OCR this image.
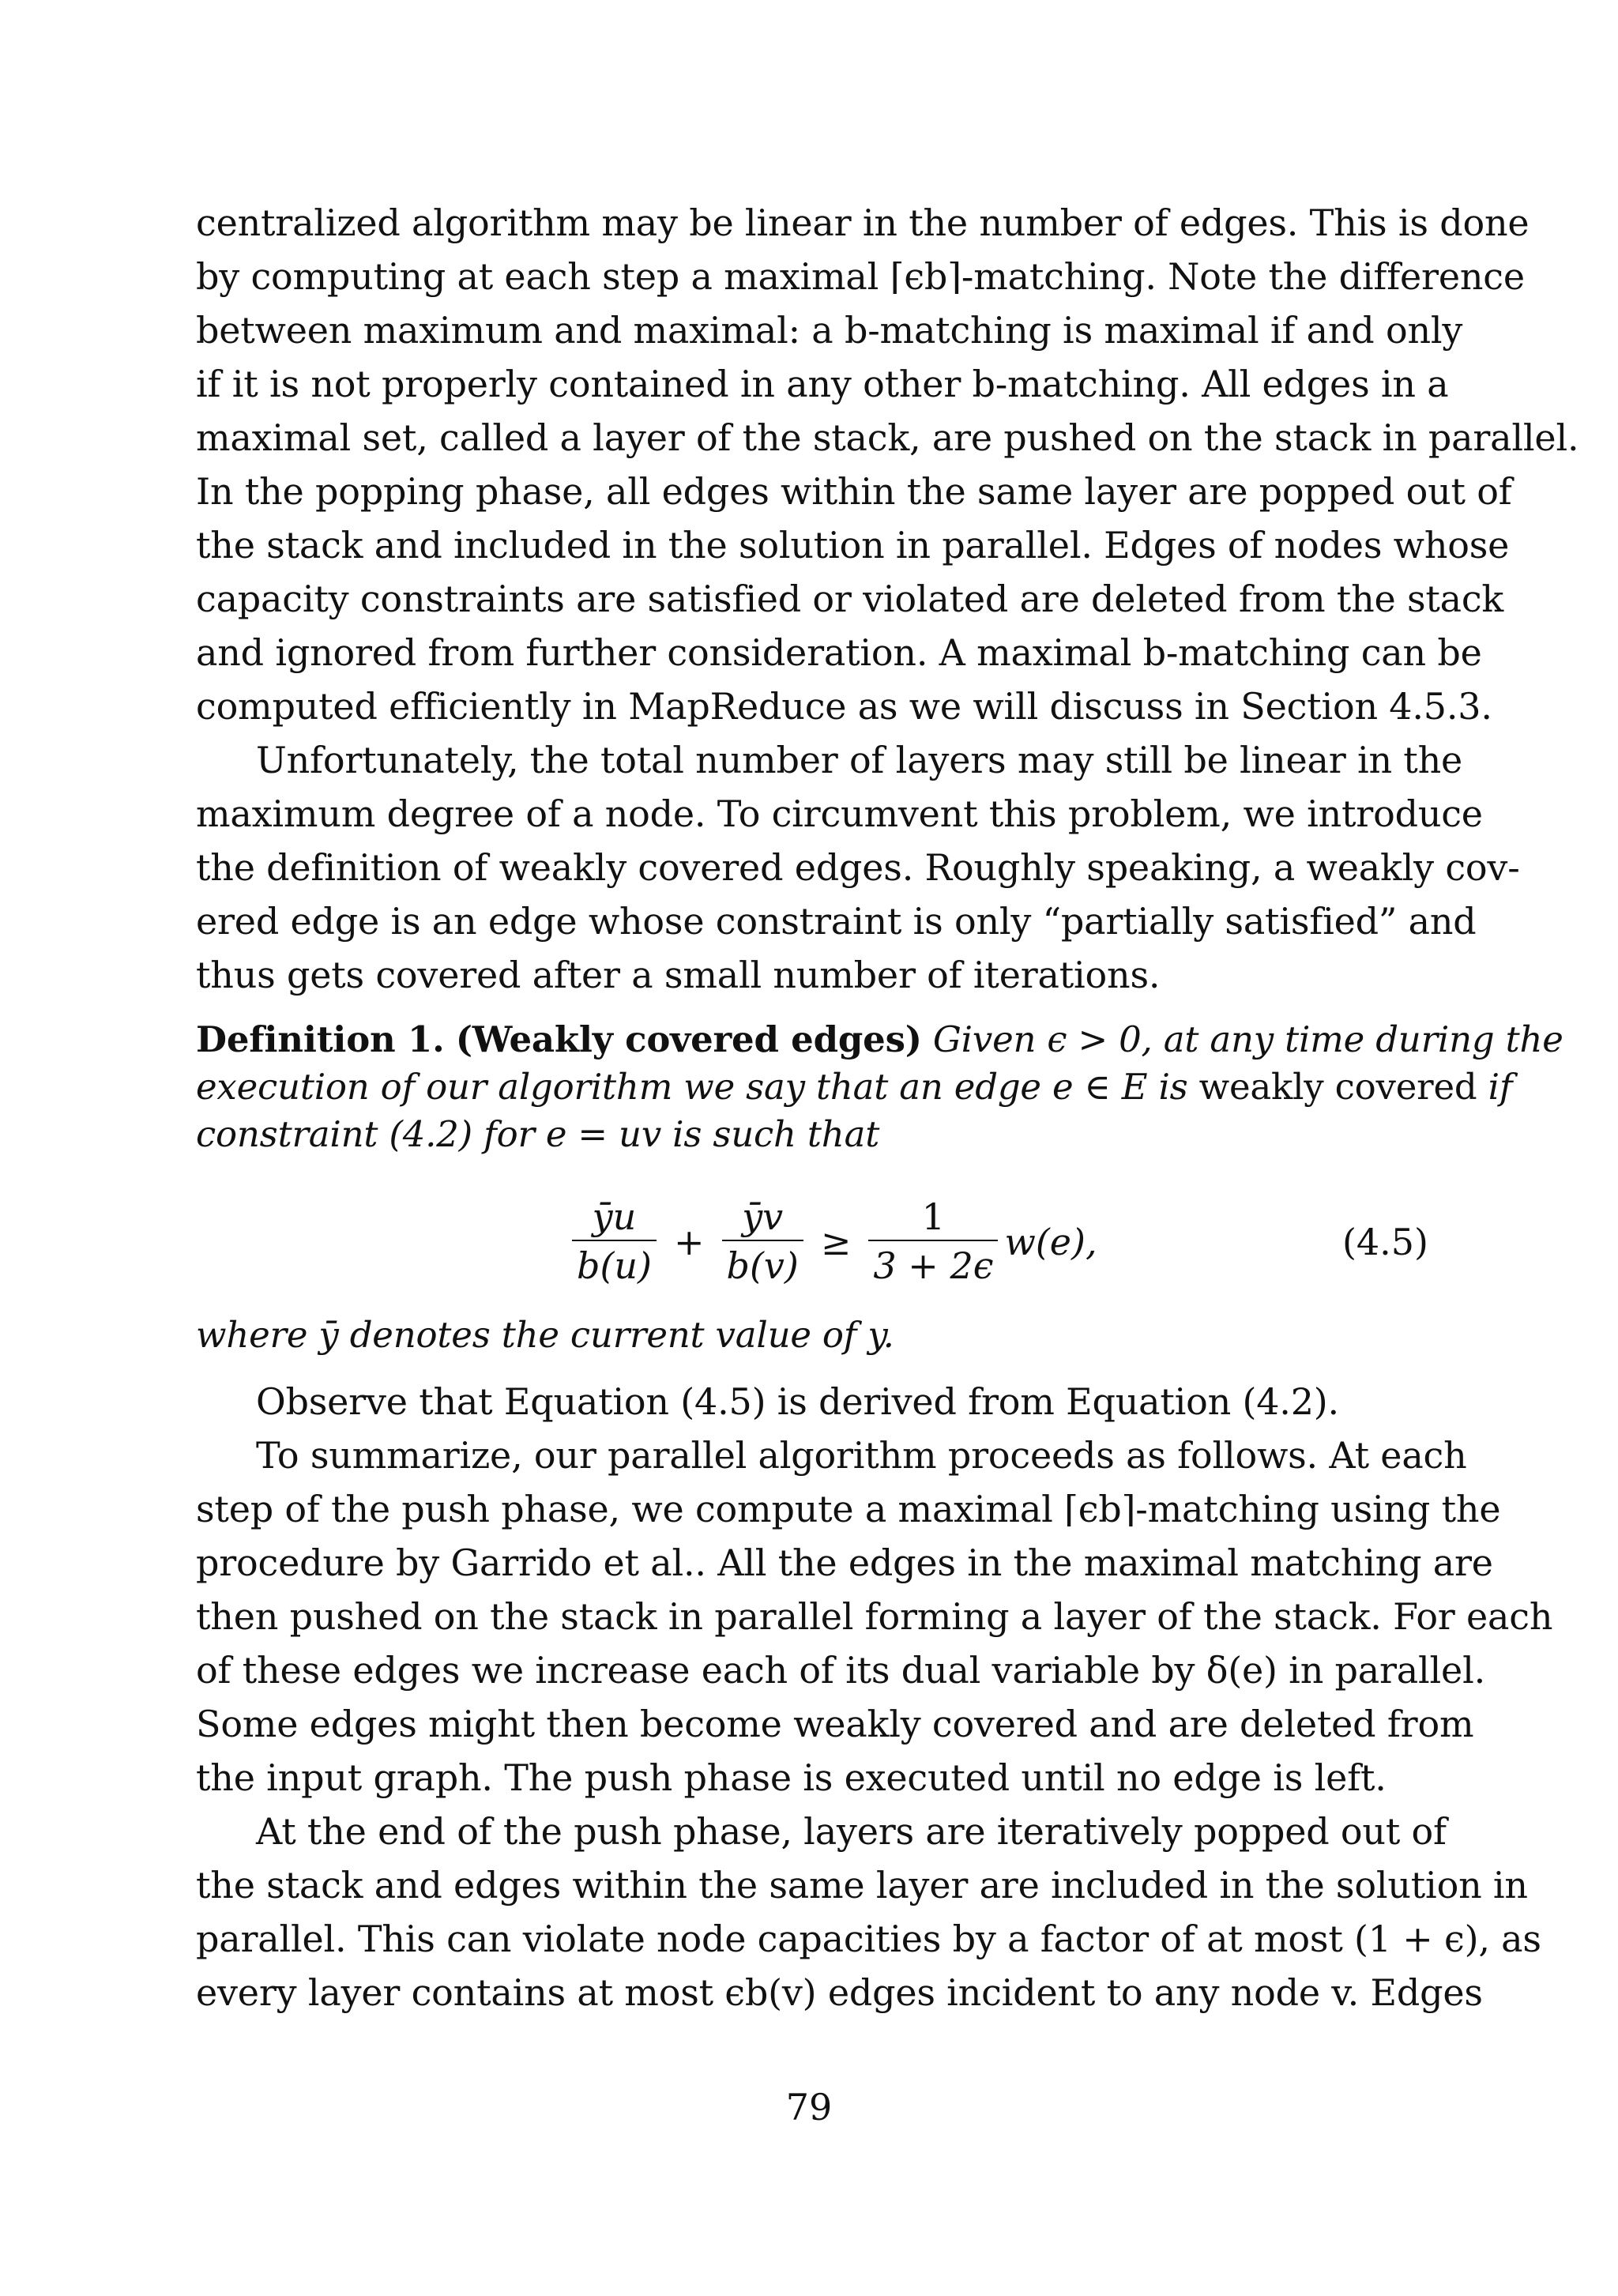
centralized algorithm may be linear in the number of edges. This is done
by computing at each step a maximal ⌈ϵb⌉-matching. Note the difference
between maximum and maximal: a b-matching is maximal if and only
if it is not properly contained in any other b-matching. All edges in a
maximal set, called a layer of the stack, are pushed on the stack in parallel.
In the popping phase, all edges within the same layer are popped out of
the stack and included in the solution in parallel. Edges of nodes whose
capacity constraints are satisfied or violated are deleted from the stack
and ignored from further consideration. A maximal b-matching can be
computed efficiently in MapReduce as we will discuss in Section 4.5.3.
Unfortunately, the total number of layers may still be linear in the
maximum degree of a node. To circumvent this problem, we introduce
the definition of weakly covered edges. Roughly speaking, a weakly cov-
ered edge is an edge whose constraint is only “partially satisfied” and
thus gets covered after a small number of iterations.
Definition 1. (Weakly covered edges) Given ϵ > 0, at any time during the
execution of our algorithm we say that an edge e ∈ E is weakly covered if
constraint (4.2) for e = uv is such that
$\frac{ȳu}{b(u)} + \frac{ȳv}{b(v)} \ge \frac{1}{3 + 2\epsilon} w(e)$,	(4.5)
where ȳ denotes the current value of y.
Observe that Equation (4.5) is derived from Equation (4.2).
To summarize, our parallel algorithm proceeds as follows. At each
step of the push phase, we compute a maximal ⌈ϵb⌉-matching using the
procedure by Garrido et al.. All the edges in the maximal matching are
then pushed on the stack in parallel forming a layer of the stack. For each
of these edges we increase each of its dual variable by δ(e) in parallel.
Some edges might then become weakly covered and are deleted from
the input graph. The push phase is executed until no edge is left.
At the end of the push phase, layers are iteratively popped out of
the stack and edges within the same layer are included in the solution in
parallel. This can violate node capacities by a factor of at most (1 + ϵ), as
every layer contains at most ϵb(v) edges incident to any node v. Edges
79
